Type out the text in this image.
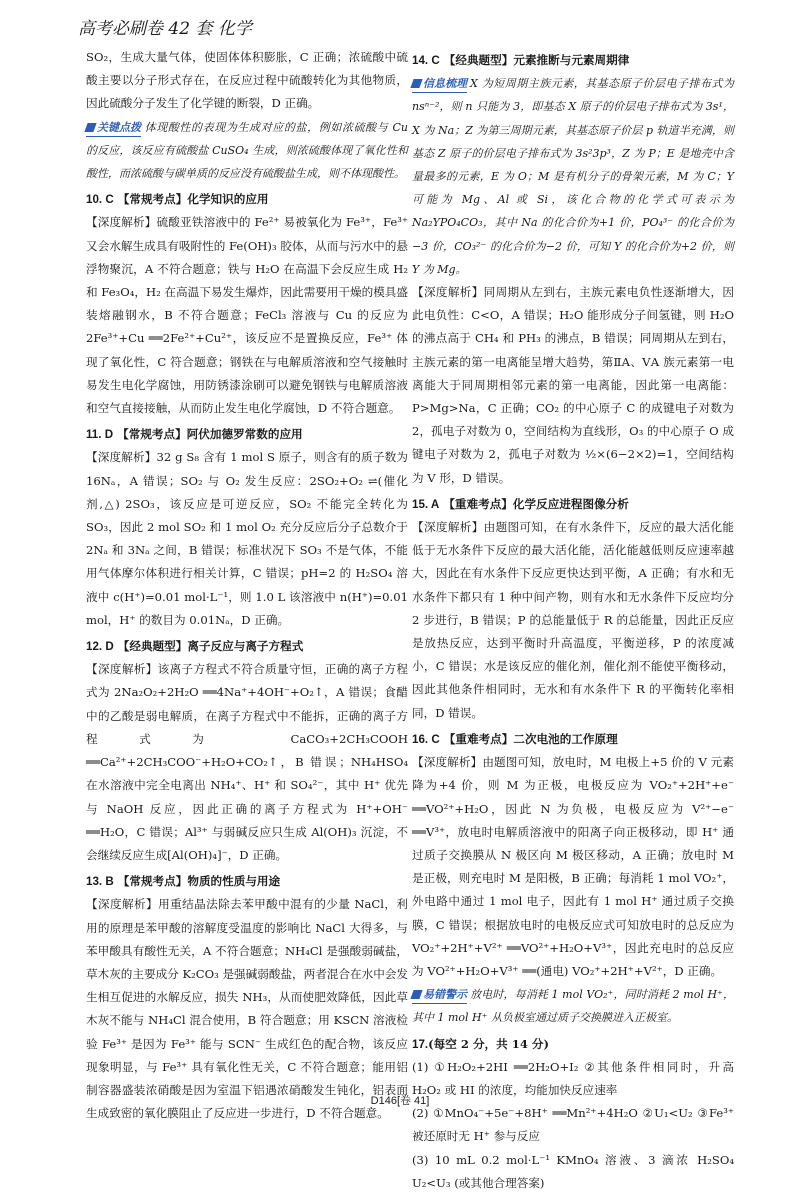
高考必刷卷 42 套 化学

SO₂，生成大量气体，使固体体积膨胀，C 正确；浓硫酸中硫酸主要以分子形式存在，在反应过程中硫酸转化为其他物质，因此硫酸分子发生了化学键的断裂，D 正确。

关键点拨 体现酸性的表现为生成对应的盐，例如浓硫酸与 Cu 的反应，该反应有硫酸盐 CuSO₄ 生成，则浓硫酸体现了氧化性和酸性，而浓硫酸与碳单质的反应没有硫酸盐生成，则不体现酸性。

10. C 【常规考点】化学知识的应用

【深度解析】硫酸亚铁溶液中的 Fe²⁺ 易被氧化为 Fe³⁺，Fe³⁺ 又会水解生成具有吸附性的 Fe(OH)₃ 胶体，从而与污水中的悬浮物聚沉，A 不符合题意；铁与 H₂O 在高温下会反应生成 H₂ 和 Fe₃O₄，H₂ 在高温下易发生爆炸，因此需要用干燥的模具盛装熔融钢水，B 不符合题意；FeCl₃ 溶液与 Cu 的反应为 2Fe³⁺+Cu ══2Fe²⁺+Cu²⁺，该反应不是置换反应，Fe³⁺ 体现了氧化性，C 符合题意；钢铁在与电解质溶液和空气接触时易发生电化学腐蚀，用防锈漆涂刷可以避免钢铁与电解质溶液和空气直接接触，从而防止发生电化学腐蚀，D 不符合题意。

11. D 【常规考点】阿伏加德罗常数的应用

【深度解析】32 g S₈ 含有 1 mol S 原子，则含有的质子数为 16Nₐ，A 错误；SO₂ 与 O₂ 发生反应：2SO₂+O₂ ⇌(催化剂,△) 2SO₃，该反应是可逆反应，SO₂ 不能完全转化为 SO₃，因此 2 mol SO₂ 和 1 mol O₂ 充分反应后分子总数介于 2Nₐ 和 3Nₐ 之间，B 错误；标准状况下 SO₃ 不是气体，不能用气体摩尔体积进行相关计算，C 错误；pH=2 的 H₂SO₄ 溶液中 c(H⁺)=0.01 mol·L⁻¹，则 1.0 L 该溶液中 n(H⁺)=0.01 mol，H⁺ 的数目为 0.01Nₐ，D 正确。

12. D 【经典题型】离子反应与离子方程式

【深度解析】该离子方程式不符合质量守恒，正确的离子方程式为 2Na₂O₂+2H₂O ══4Na⁺+4OH⁻+O₂↑，A 错误；食醋中的乙酸是弱电解质，在离子方程式中不能拆，正确的离子方程式为 CaCO₃+2CH₃COOH ══Ca²⁺+2CH₃COO⁻+H₂O+CO₂↑，B 错误；NH₄HSO₄ 在水溶液中完全电离出 NH₄⁺、H⁺ 和 SO₄²⁻，其中 H⁺ 优先与 NaOH 反应，因此正确的离子方程式为 H⁺+OH⁻ ══H₂O，C 错误；Al³⁺ 与弱碱反应只生成 Al(OH)₃ 沉淀，不会继续反应生成[Al(OH)₄]⁻，D 正确。

13. B 【常规考点】物质的性质与用途

【深度解析】用重结晶法除去苯甲酸中混有的少量 NaCl，利用的原理是苯甲酸的溶解度受温度的影响比 NaCl 大得多，与苯甲酸具有酸性无关，A 不符合题意；NH₄Cl 是强酸弱碱盐，草木灰的主要成分 K₂CO₃ 是强碱弱酸盐，两者混合在水中会发生相互促进的水解反应，损失 NH₃，从而使肥效降低，因此草木灰不能与 NH₄Cl 混合使用，B 符合题意；用 KSCN 溶液检验 Fe³⁺ 是因为 Fe³⁺ 能与 SCN⁻ 生成红色的配合物，该反应现象明显，与 Fe³⁺ 具有氧化性无关，C 不符合题意；能用铝制容器盛装浓硝酸是因为室温下铝遇浓硝酸发生钝化，铝表面生成致密的氧化膜阻止了反应进一步进行，D 不符合题意。

14. C 【经典题型】元素推断与元素周期律

信息梳理 X 为短周期主族元素，其基态原子价层电子排布式为 nsⁿ⁻²，则 n 只能为 3，即基态 X 原子的价层电子排布式为 3s¹，X 为 Na；Z 为第三周期元素，其基态原子价层 p 轨道半充满，则基态 Z 原子的价层电子排布式为 3s²3p³，Z 为 P；E 是地壳中含量最多的元素，E 为 O；M 是有机分子的骨架元素，M 为 C；Y 可能为 Mg、Al 或 Si，该化合物的化学式可表示为 Na₂YPO₄CO₃，其中 Na 的化合价为+1 价，PO₄³⁻ 的化合价为−3 价，CO₃²⁻ 的化合价为−2 价，可知 Y 的化合价为+2 价，则 Y 为 Mg。

【深度解析】同周期从左到右，主族元素电负性逐渐增大，因此电负性：C<O，A 错误；H₂O 能形成分子间氢键，则 H₂O 的沸点高于 CH₄ 和 PH₃ 的沸点，B 错误；同周期从左到右，主族元素的第一电离能呈增大趋势，第ⅡA、ⅤA 族元素第一电离能大于同周期相邻元素的第一电离能，因此第一电离能：P>Mg>Na，C 正确；CO₂ 的中心原子 C 的成键电子对数为 2，孤电子对数为 0，空间结构为直线形，O₃ 的中心原子 O 成键电子对数为 2，孤电子对数为 ½×(6−2×2)=1，空间结构为 V 形，D 错误。

15. A 【重难考点】化学反应进程图像分析

【深度解析】由题图可知，在有水条件下，反应的最大活化能低于无水条件下反应的最大活化能，活化能越低则反应速率越大，因此在有水条件下反应更快达到平衡，A 正确；有水和无水条件下都只有 1 种中间产物，则有水和无水条件下反应均分 2 步进行，B 错误；P 的总能量低于 R 的总能量，因此正反应是放热反应，达到平衡时升高温度，平衡逆移，P 的浓度减小，C 错误；水是该反应的催化剂，催化剂不能使平衡移动，因此其他条件相同时，无水和有水条件下 R 的平衡转化率相同，D 错误。

16. C 【重难考点】二次电池的工作原理

【深度解析】由题图可知，放电时，M 电极上+5 价的 V 元素降为+4 价，则 M 为正极，电极反应为 VO₂⁺+2H⁺+e⁻ ══VO²⁺+H₂O，因此 N 为负极，电极反应为 V²⁺−e⁻ ══V³⁺，放电时电解质溶液中的阳离子向正极移动，即 H⁺ 通过质子交换膜从 N 极区向 M 极区移动，A 正确；放电时 M 是正极，则充电时 M 是阳极，B 正确；每消耗 1 mol VO₂⁺，外电路中通过 1 mol 电子，因此有 1 mol H⁺ 通过质子交换膜，C 错误；根据放电时的电极反应式可知放电时的总反应为 VO₂⁺+2H⁺+V²⁺ ══VO²⁺+H₂O+V³⁺，因此充电时的总反应为 VO²⁺+H₂O+V³⁺ ══(通电) VO₂⁺+2H⁺+V²⁺，D 正确。

易错警示 放电时，每消耗 1 mol VO₂⁺，同时消耗 2 mol H⁺，其中 1 mol H⁺ 从负极室通过质子交换膜进入正极室。

17.(每空 2 分，共 14 分)

(1) ①H₂O₂+2HI ══2H₂O+I₂ ②其他条件相同时，升高 H₂O₂ 或 HI 的浓度，均能加快反应速率

(2) ①MnO₄⁻+5e⁻+8H⁺ ══Mn²⁺+4H₂O ②U₁<U₂ ③Fe³⁺ 被还原时无 H⁺ 参与反应

(3) 10 mL 0.2 mol·L⁻¹ KMnO₄ 溶液、3 滴浓 H₂SO₄ U₂<U₃ (或其他合理答案)

D146[卷 41]
